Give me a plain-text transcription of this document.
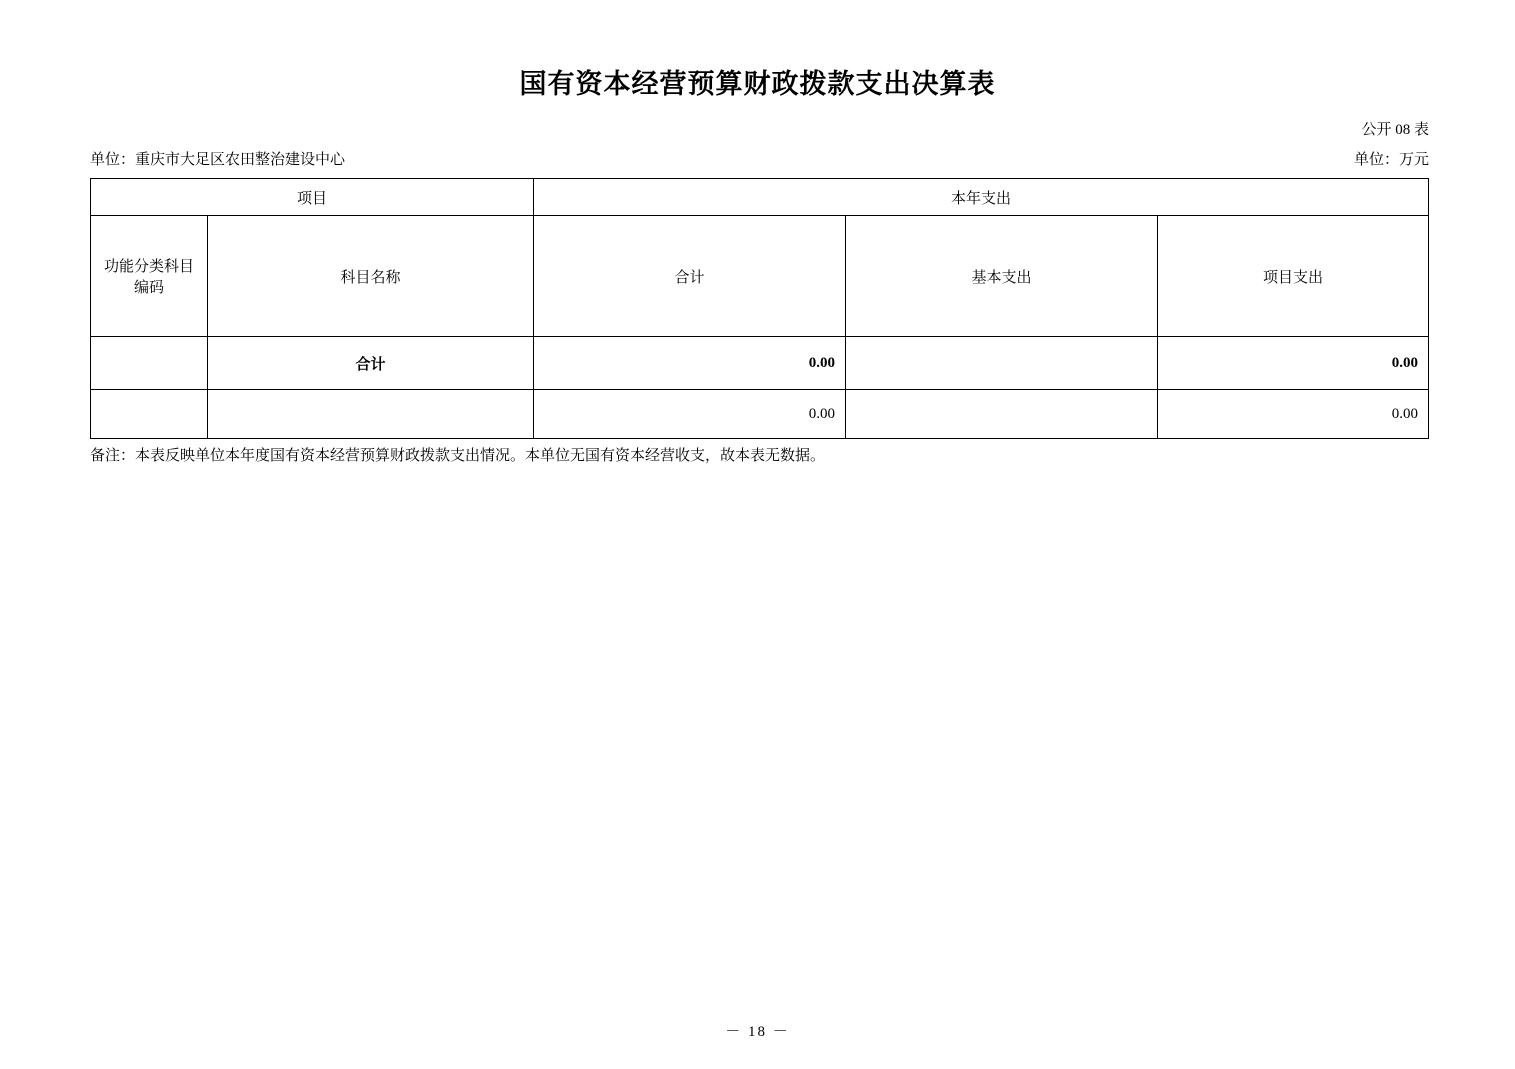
国有资本经营预算财政拨款支出决算表
公开 08 表
单位：重庆市大足区农田整治建设中心	单位：万元
项目		本年支出		
功能分类科目
编码	科目名称	合计	基本支出	项目支出
	合计	0.00		0.00
		0.00		0.00
备注：本表反映单位本年度国有资本经营预算财政拨款支出情况。本单位无国有资本经营收支，故本表无数据。
－ 18 －
